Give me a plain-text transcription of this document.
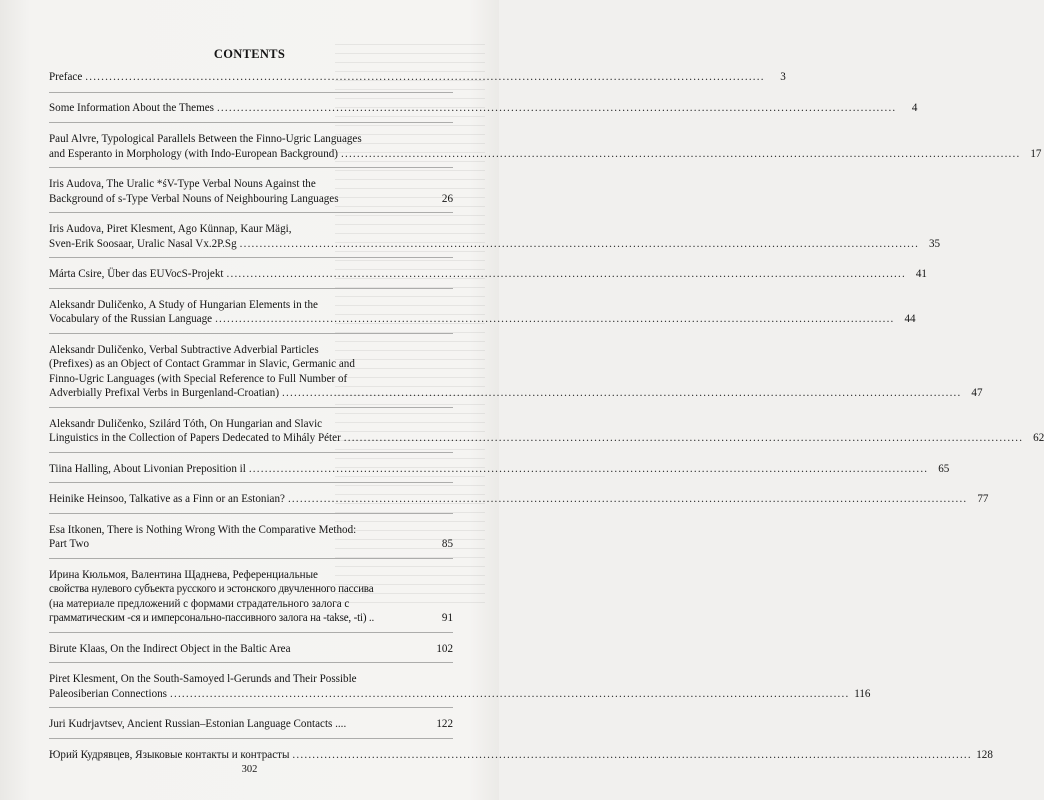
CONTENTS
Preface ...........................................................................................................................................................................	3
Some Information About the Themes ...........................................................................................................................................................................	4
Paul Alvre, Typological Parallels Between the Finno-Ugric Languages
and Esperanto in Morphology (with Indo-European Background) ........................................................................................................................................................................... 17
Iris Audova, The Uralic *śV-Type Verbal Nouns Against the
Background of s-Type Verbal Nouns of Neighbouring Languages	26
Iris Audova, Piret Klesment, Ago Künnap, Kaur Mägi,
Sven-Erik Soosaar, Uralic Nasal Vx.2P.Sg ........................................................................................................................................................................... 35
Márta Csire, Über das EUVocS-Projekt ........................................................................................................................................................................... 41
Aleksandr Duličenko, A Study of Hungarian Elements in the
Vocabulary of the Russian Language ........................................................................................................................................................................... 44
Aleksandr Duličenko, Verbal Subtractive Adverbial Particles
(Prefixes) as an Object of Contact Grammar in Slavic, Germanic and
Finno-Ugric Languages (with Special Reference to Full Number of
Adverbially Prefixal Verbs in Burgenland-Croatian) ........................................................................................................................................................................... 47
Aleksandr Duličenko, Szilárd Tóth, On Hungarian and Slavic
Linguistics in the Collection of Papers Dedecated to Mihály Péter ........................................................................................................................................................................... 62
Tiina Halling, About Livonian Preposition il ........................................................................................................................................................................... 65
Heinike Heinsoo, Talkative as a Finn or an Estonian? ........................................................................................................................................................................... 77
Esa Itkonen, There is Nothing Wrong With the Comparative Method:
Part Two	85
Ирина Кюльмоя, Валентина Щаднева, Референциальные
свойства нулевого субъекта русского и эстонского двучленного пассива
(на материале предложений с формами страдательного залога с
грамматическим -ся и имперсонально-пассивного залога на -takse, -ti) ..	91
Birute Klaas, On the Indirect Object in the Baltic Area	102
Piret Klesment, On the South-Samoyed l-Gerunds and Their Possible
Paleosiberian Connections ........................................................................................................................................................................... 116
Juri Kudrjavtsev, Ancient Russian–Estonian Language Contacts ....	122
Юрий Кудрявцев, Языковые контакты и контрасты ........................................................................................................................................................................... 128
302
